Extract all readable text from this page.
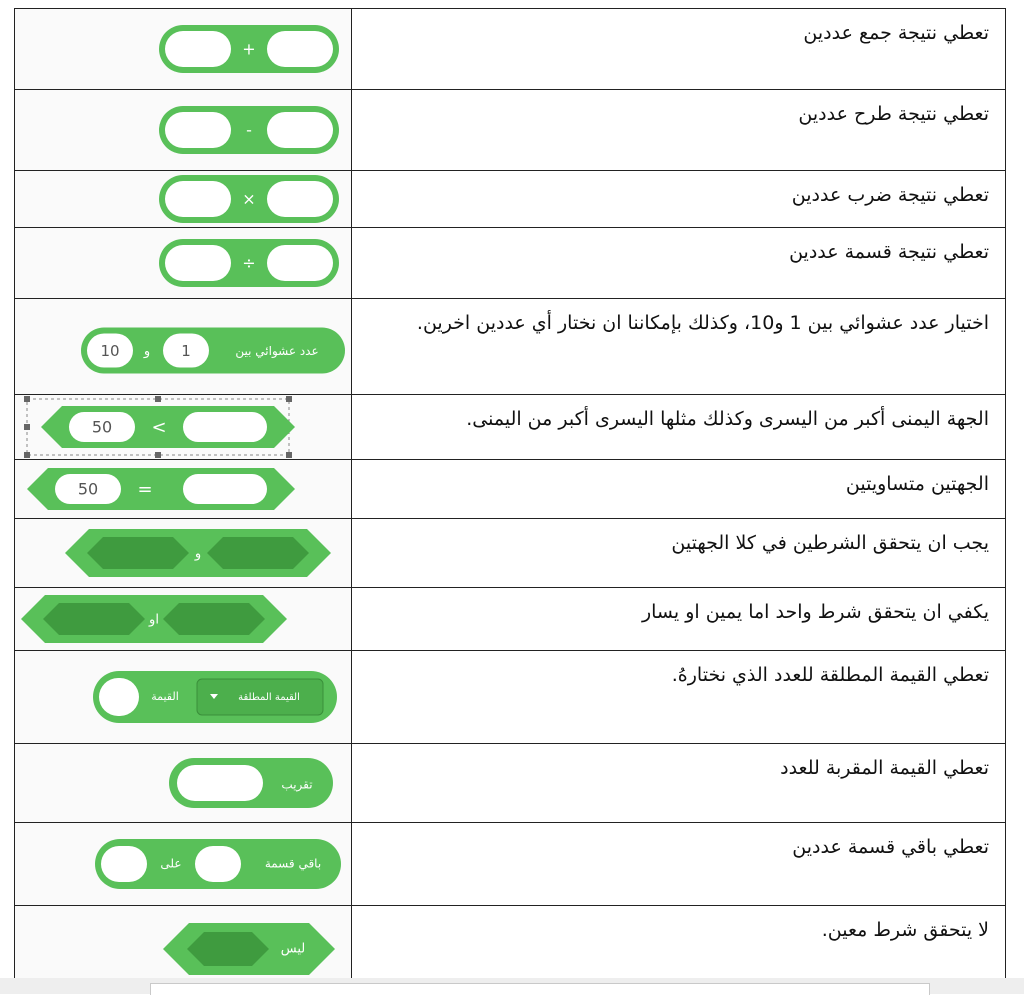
+	تعطي نتيجة جمع عددين

-	تعطي نتيجة طرح عددين

×	تعطي نتيجة ضرب عددين

÷	تعطي نتيجة قسمة عددين

10 و 1 عدد عشوائي بين	اختيار عدد عشوائي بين 1 و10، وكذلك بإمكاننا ان نختار أي عددين اخرين.

50 <	الجهة اليمنى أكبر من اليسرى وكذلك مثلها اليسرى أكبر من اليمنى.

50 =	الجهتين متساويتين

و	يجب ان يتحقق الشرطين في كلا الجهتين

او	يكفي ان يتحقق شرط واحد اما يمين او يسار

القيمة القيمة المطلقة	تعطي القيمة المطلقة للعدد الذي نختارهُ.

تقريب	تعطي القيمة المقربة للعدد

على باقي قسمة	تعطي باقي قسمة عددين

ليس	لا يتحقق شرط معين.
